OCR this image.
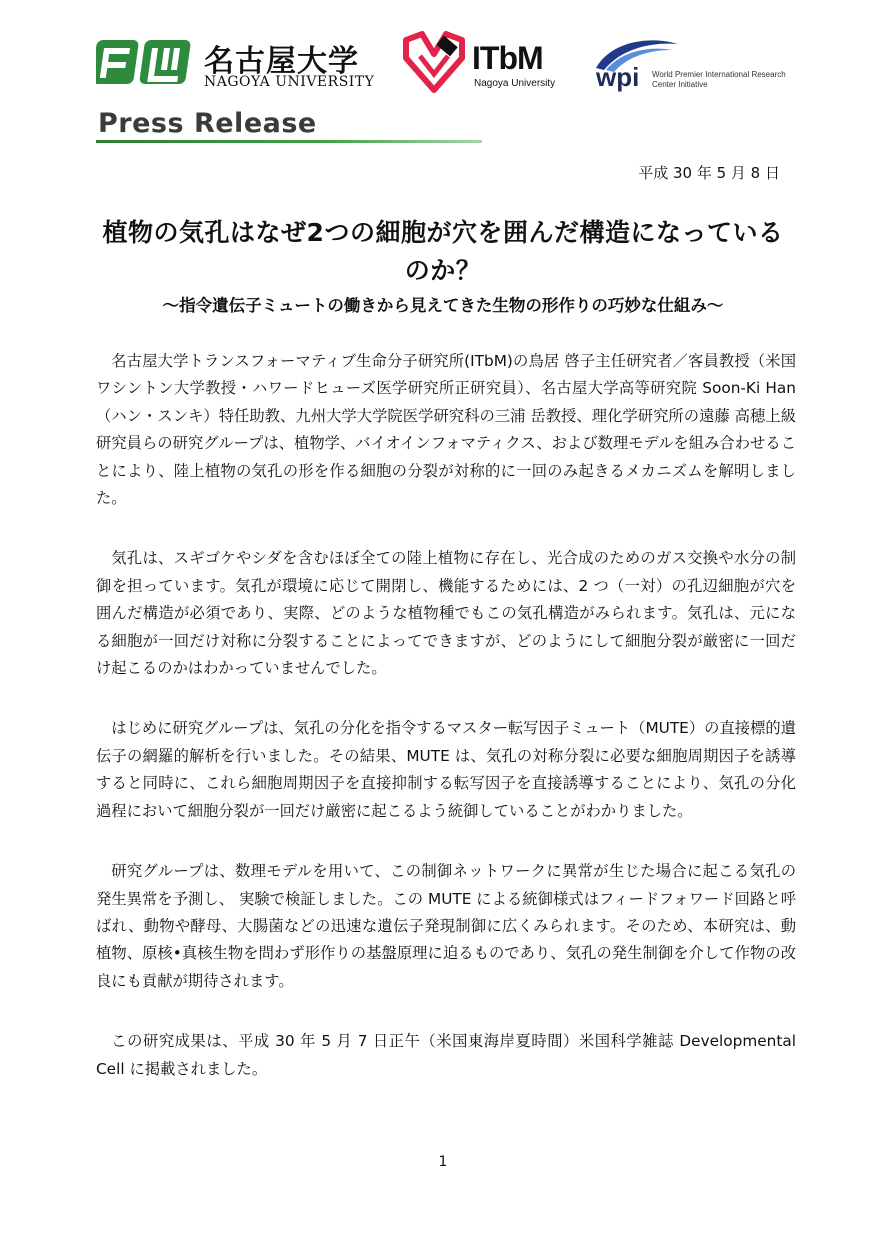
名古屋大学
NAGOYA UNIVERSITY
ITbM
Nagoya University wpi World Premier International Research Center Initiative
Press Release
平成 30 年 5 月 8 日
植物の気孔はなぜ2つの細胞が穴を囲んだ構造になっているのか？
～指令遺伝子ミュートの働きから見えてきた生物の形作りの巧妙な仕組み～

名古屋大学トランスフォーマティブ生命分子研究所(ITbM)の鳥居 啓子主任研究者／客員教授（米国ワシントン大学教授・ハワードヒューズ医学研究所正研究員）、名古屋大学高等研究院 Soon-Ki Han（ハン・スンキ）特任助教、九州大学大学院医学研究科の三浦 岳教授、理化学研究所の遠藤 高穂上級研究員らの研究グループは、植物学、バイオインフォマティクス、および数理モデルを組み合わせることにより、陸上植物の気孔の形を作る細胞の分裂が対称的に一回のみ起きるメカニズムを解明しました。

気孔は、スギゴケやシダを含むほぼ全ての陸上植物に存在し、光合成のためのガス交換や水分の制御を担っています。気孔が環境に応じて開閉し、機能するためには、2 つ（一対）の孔辺細胞が穴を囲んだ構造が必須であり、実際、どのような植物種でもこの気孔構造がみられます。気孔は、元になる細胞が一回だけ対称に分裂することによってできますが、どのようにして細胞分裂が厳密に一回だけ起こるのかはわかっていませんでした。

はじめに研究グループは、気孔の分化を指令するマスター転写因子ミュート（MUTE）の直接標的遺伝子の網羅的解析を行いました。その結果、MUTE は、気孔の対称分裂に必要な細胞周期因子を誘導すると同時に、これら細胞周期因子を直接抑制する転写因子を直接誘導することにより、気孔の分化過程において細胞分裂が一回だけ厳密に起こるよう統御していることがわかりました。

研究グループは、数理モデルを用いて、この制御ネットワークに異常が生じた場合に起こる気孔の発生異常を予測し、 実験で検証しました。この MUTE による統御様式はフィードフォワード回路と呼ばれ、動物や酵母、大腸菌などの迅速な遺伝子発現制御に広くみられます。そのため、本研究は、動植物、原核•真核生物を問わず形作りの基盤原理に迫るものであり、気孔の発生制御を介して作物の改良にも貢献が期待されます。

この研究成果は、平成 30 年 5 月 7 日正午（米国東海岸夏時間）米国科学雑誌 Developmental Cell に掲載されました。

1
